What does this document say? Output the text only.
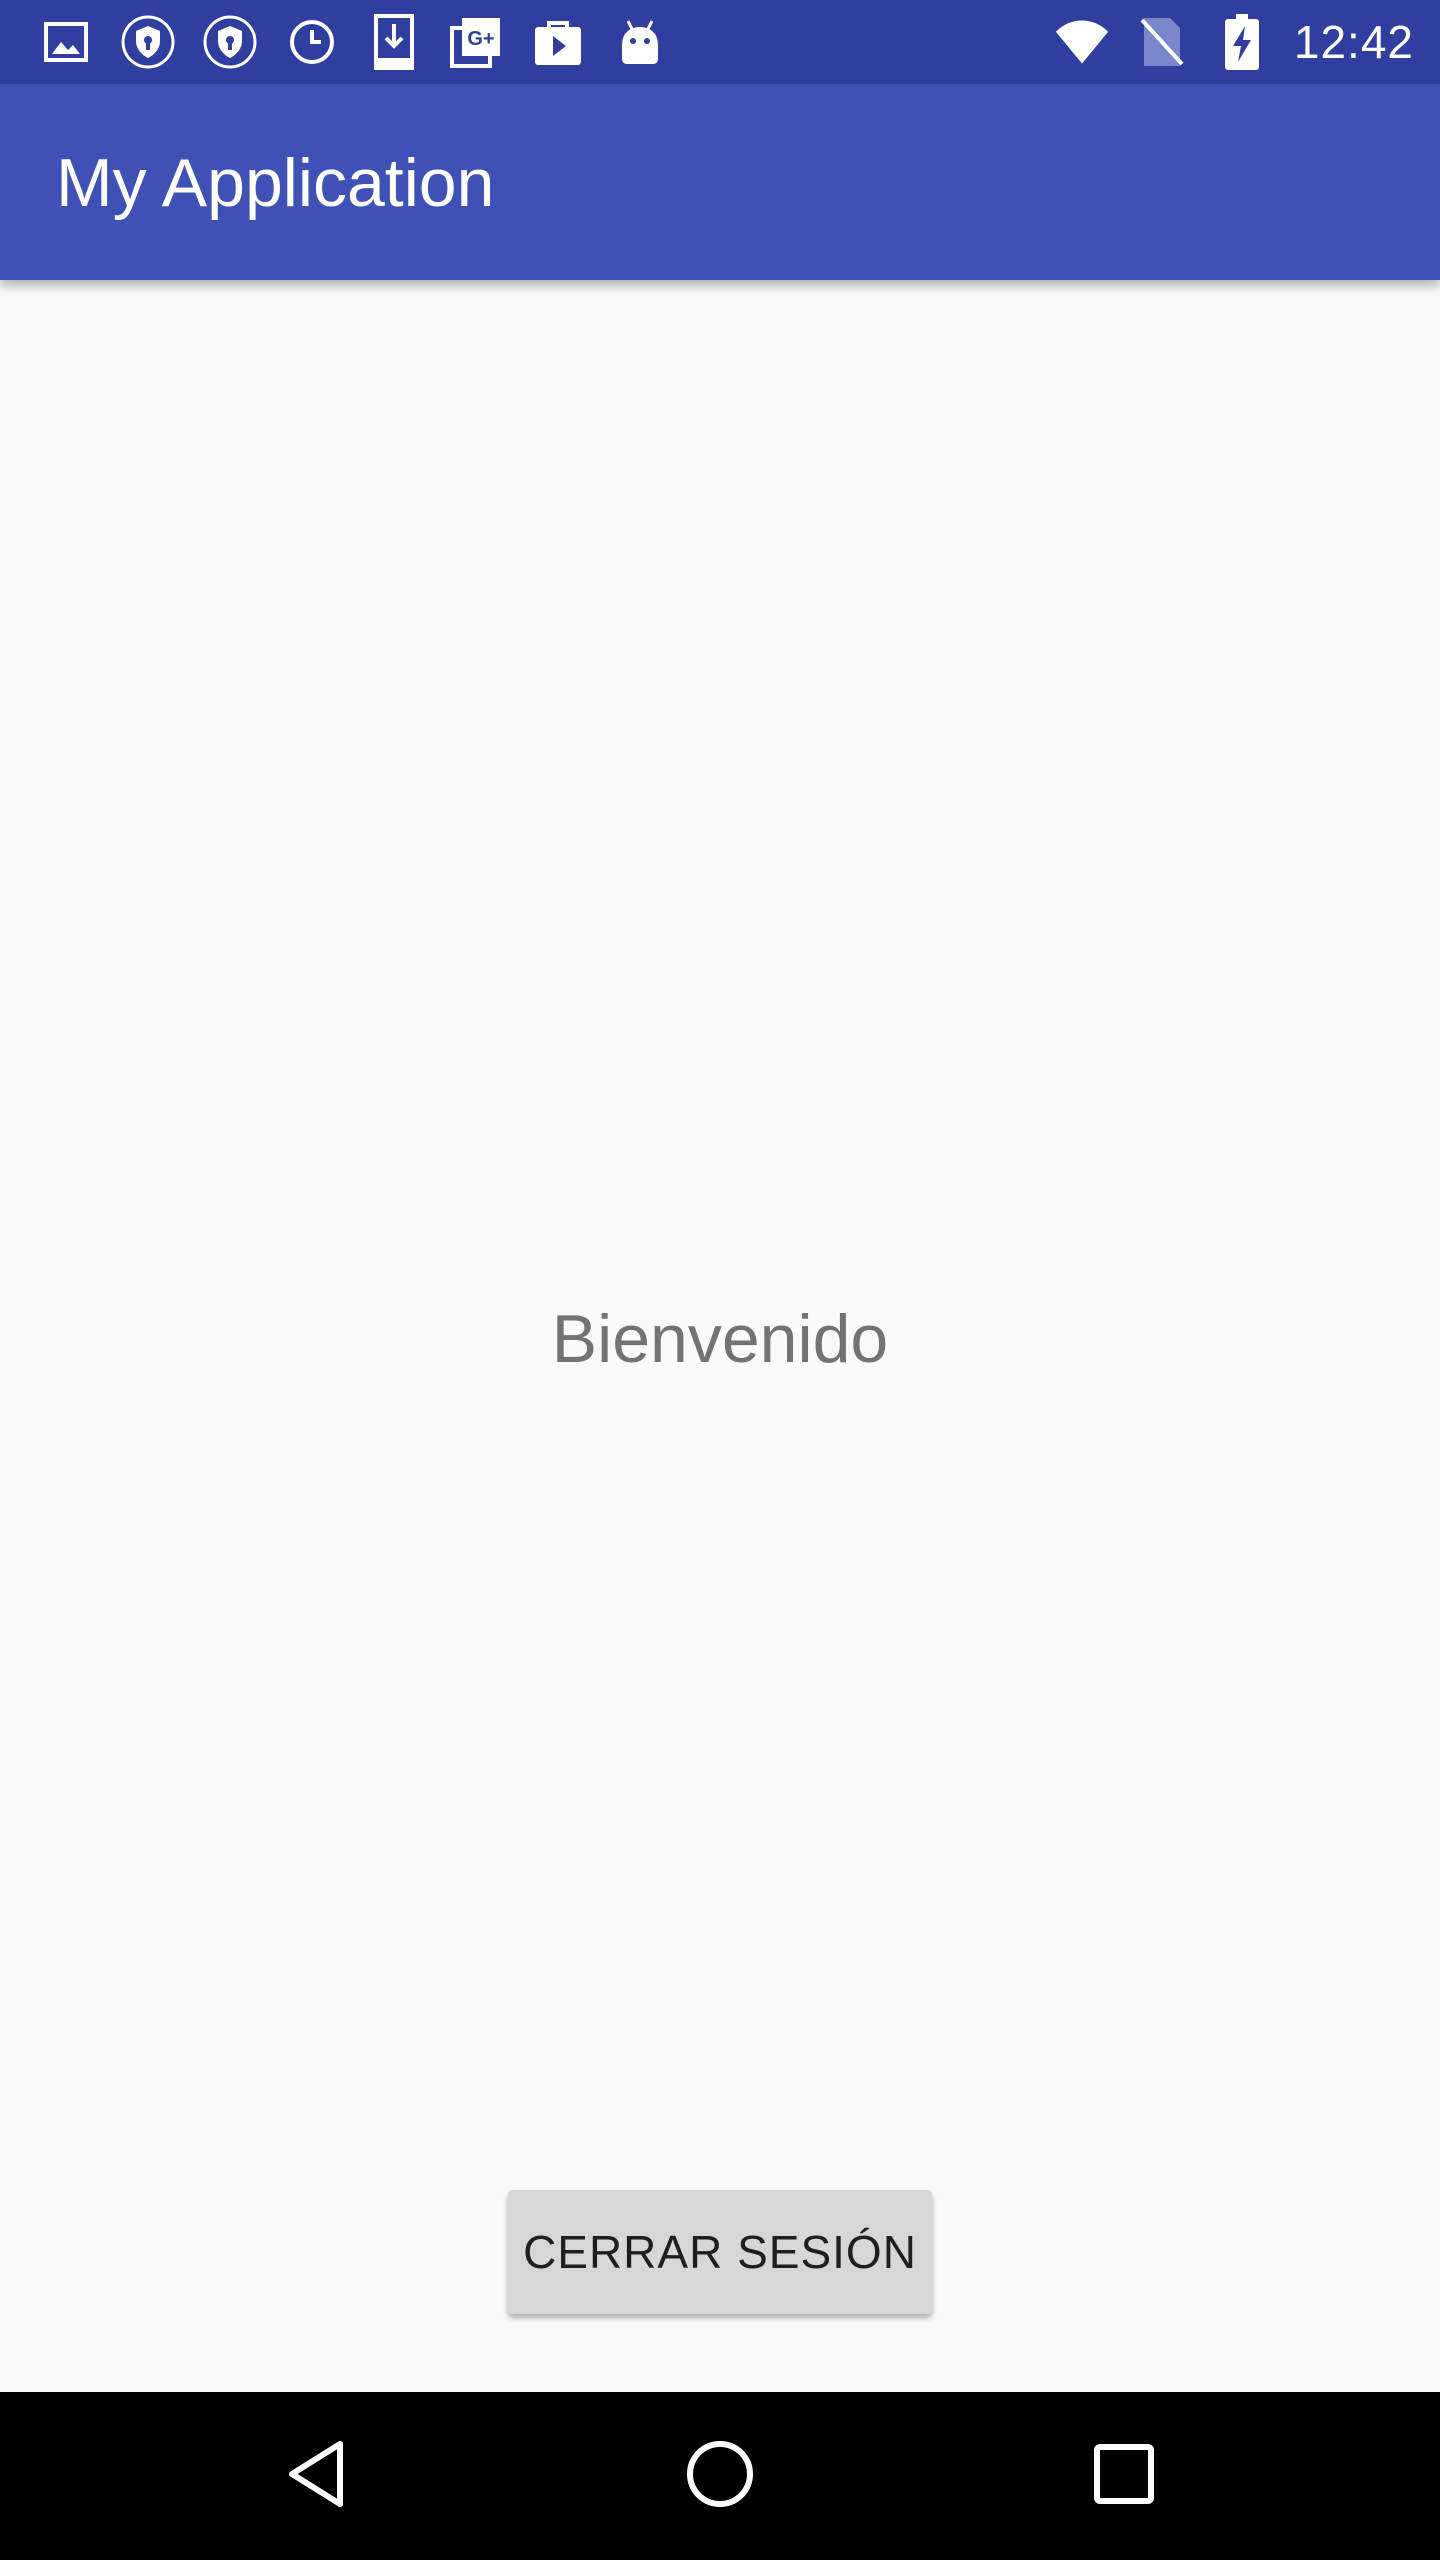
G+	12:42
My Application
Bienvenido
CERRAR SESIÓN
